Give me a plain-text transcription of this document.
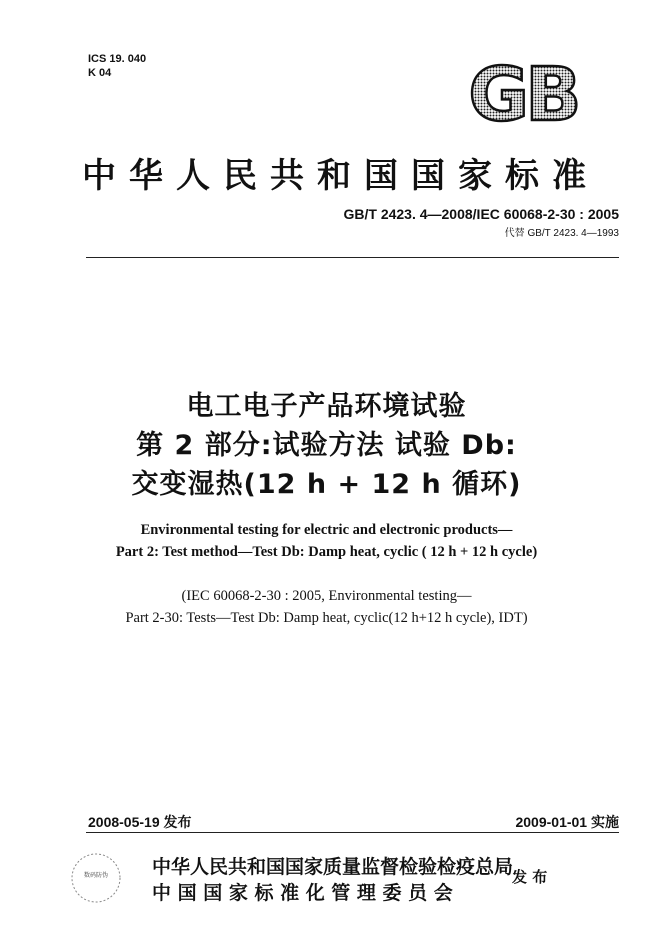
ICS 19. 040
K 04	GB
中华人民共和国国家标准
GB/T 2423. 4—2008/IEC 60068-2-30 : 2005
代替 GB/T 2423. 4—1993
电工电子产品环境试验
第 2 部分:试验方法 试验 Db:
交变湿热(12 h + 12 h 循环)
Environmental testing for electric and electronic products—
Part 2: Test method—Test Db: Damp heat, cyclic ( 12 h + 12 h cycle)
(IEC 60068-2-30 : 2005, Environmental testing—
Part 2-30: Tests—Test Db: Damp heat, cyclic(12 h+12 h cycle), IDT)
2008-05-19 发布	2009-01-01 实施
数码防伪	中华人民共和国国家质量监督检验检疫总局
中 国 国 家 标 准 化 管 理 委 员 会
发 布
